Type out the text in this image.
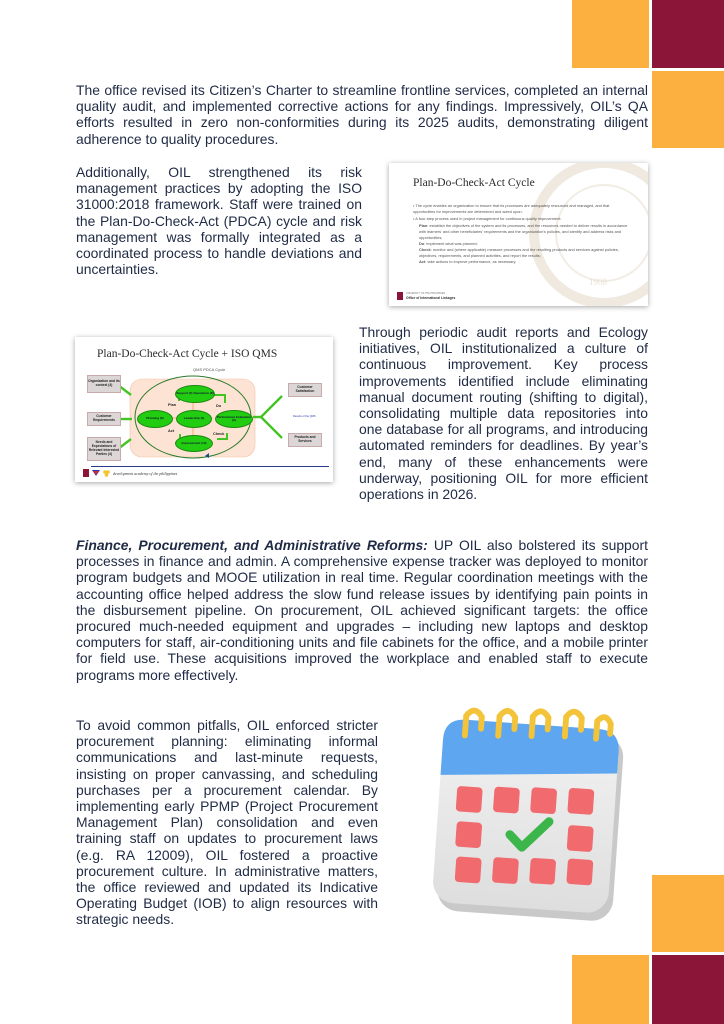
The office revised its Citizen’s Charter to streamline frontline services, completed an internal quality audit, and implemented corrective actions for any findings. Impressively, OIL’s QA efforts resulted in zero non-conformities during its 2025 audits, demonstrating diligent adherence to quality procedures.

Additionally, OIL strengthened its risk management practices by adopting the ISO 31000:2018 framework. Staff were trained on the Plan-Do-Check-Act (PDCA) cycle and risk management was formally integrated as a coordinated process to handle deviations and uncertainties.

Plan-Do-Check-Act Cycle
• The cycle enables an organization to ensure that its processes are adequately resourced and managed, and that opportunities for improvements are determined and acted upon.
• A four-step process used in project management for continuous quality improvement:
Plan: establish the objectives of the system and its processes, and the resources needed to deliver results in accordance with learners' and other beneficiaries' requirements and the organization's policies, and identify and address risks and opportunities;
Do: implement what was planned;
Check: monitor and (where applicable) measure processes and the resulting products and services against policies, objectives, requirements, and planned activities, and report the results;
Act: take actions to improve performance, as necessary.
1908
UNIVERSITY OF THE PHILIPPINES
Office of International Linkages
Plan-Do-Check-Act Cycle + ISO QMS
QMS PDCA Cycle
Organization and its context (4)
Customer Requirements
Needs and Expectations of Relevant Interested Parties (4)
Customer Satisfaction
Products and Services
Results of the QMS
Support (7) Operations (8)
Planning (6)	Leadership (5)	Performance Evaluation (9)
Improvement (10)
Plan	Do
Act
Check
development academy of the philippines

Through periodic audit reports and Ecology initiatives, OIL institutionalized a culture of continuous improvement. Key process improvements identified include eliminating manual document routing (shifting to digital), consolidating multiple data repositories into one database for all programs, and introducing automated reminders for deadlines. By year’s end, many of these enhancements were underway, positioning OIL for more efficient operations in 2026.

Finance, Procurement, and Administrative Reforms: UP OIL also bolstered its support processes in finance and admin. A comprehensive expense tracker was deployed to monitor program budgets and MOOE utilization in real time. Regular coordination meetings with the accounting office helped address the slow fund release issues by identifying pain points in the disbursement pipeline. On procurement, OIL achieved significant targets: the office procured much-needed equipment and upgrades – including new laptops and desktop computers for staff, air-conditioning units and file cabinets for the office, and a mobile printer for field use. These acquisitions improved the workplace and enabled staff to execute programs more effectively.

To avoid common pitfalls, OIL enforced stricter procurement planning: eliminating informal communications and last-minute requests, insisting on proper canvassing, and scheduling purchases per a procurement calendar. By implementing early PPMP (Project Procurement Management Plan) consolidation and even training staff on updates to procurement laws (e.g. RA 12009), OIL fostered a proactive procurement culture. In administrative matters, the office reviewed and updated its Indicative Operating Budget (IOB) to align resources with strategic needs.
